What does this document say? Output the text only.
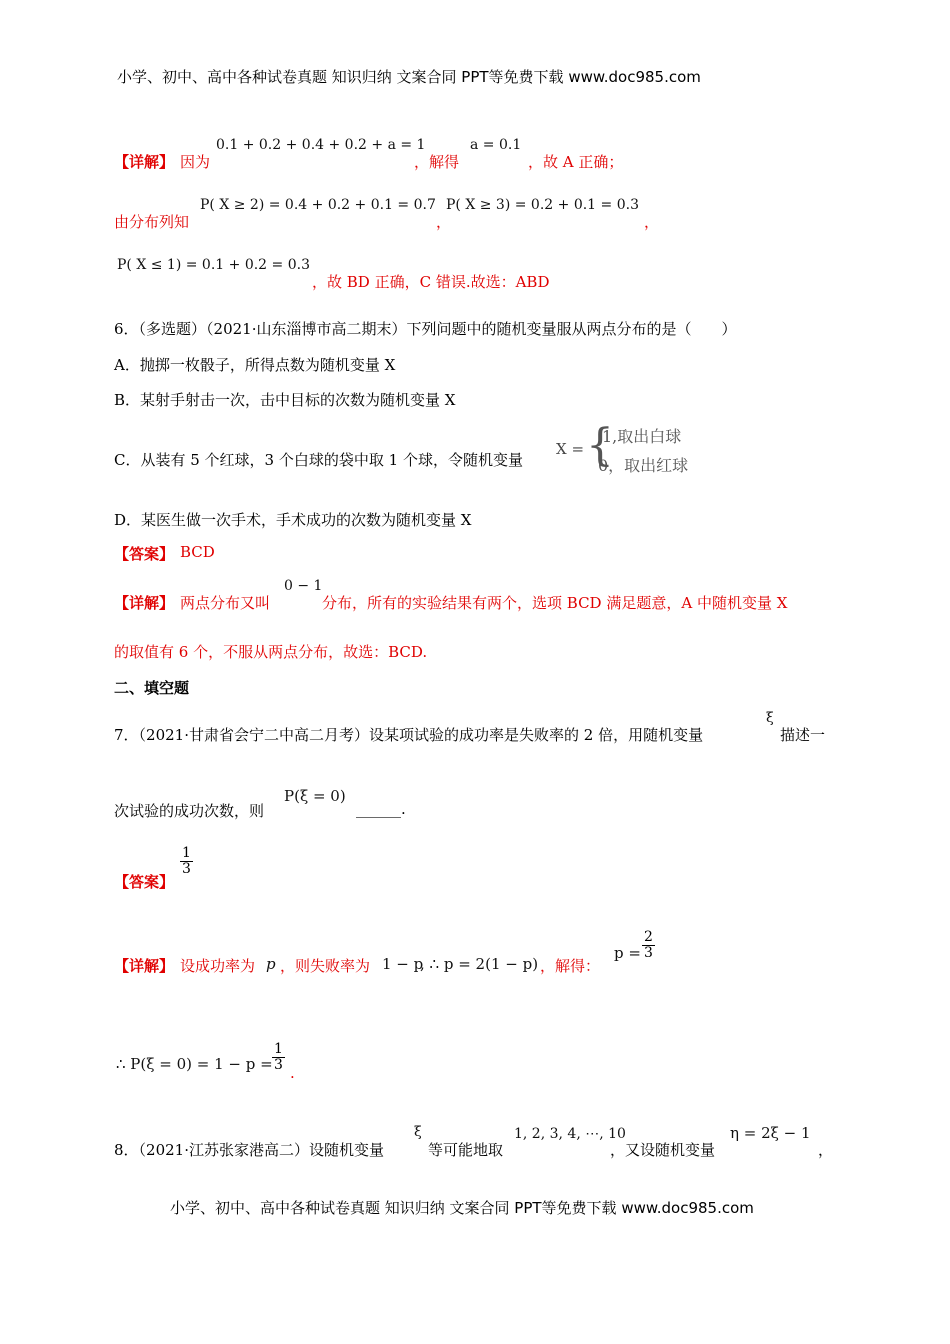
小学、初中、高中各种试卷真题 知识归纳 文案合同 PPT等免费下载 www.doc985.com
0.1 + 0.2 + 0.4 + 0.2 + a = 1	a = 0.1
【详解】 因为	，解得	，故 A 正确；
P( X ≥ 2) = 0.4 + 0.2 + 0.1 = 0.7 P( X ≥ 3) = 0.2 + 0.1 = 0.3
由分布列知	，	，
P( X ≤ 1) = 0.1 + 0.2 = 0.3
，故 BD 正确，C 错误.故选：ABD
6．（多选题）（2021·山东淄博市高二期末）下列问题中的随机变量服从两点分布的是（　　）
A．抛掷一枚骰子，所得点数为随机变量 X
B．某射手射击一次，击中目标的次数为随机变量 X
C．从装有 5 个红球，3 个白球的袋中取 1 个球，令随机变量
X = {
1,取出白球
0，取出红球
D．某医生做一次手术，手术成功的次数为随机变量 X
【答案】 BCD
0 − 1
【详解】 两点分布又叫	分布，所有的实验结果有两个，选项 BCD 满足题意，A 中随机变量 X
的取值有 6 个，不服从两点分布，故选：BCD.
二、填空题
ξ
7．（2021·甘肃省会宁二中高二月考）设某项试验的成功率是失败率的 2 倍，用随机变量	描述一
P(ξ = 0)
次试验的成功次数，则	______.
【答案】
$\frac{1}{3}$
【详解】 设成功率为 p ，则失败率为 1 − p
, ∴ p = 2(1 − p) ，解得：
$p = \frac{2}{3}$
∴ $P(\xi = 0) = 1 - p = \frac{1}{3}$ .
ξ	1, 2, 3, 4, ⋯, 10	η = 2ξ − 1
8．（2021·江苏张家港高二）设随机变量	等可能地取	，又设随机变量	，
小学、初中、高中各种试卷真题 知识归纳 文案合同 PPT等免费下载 www.doc985.com
